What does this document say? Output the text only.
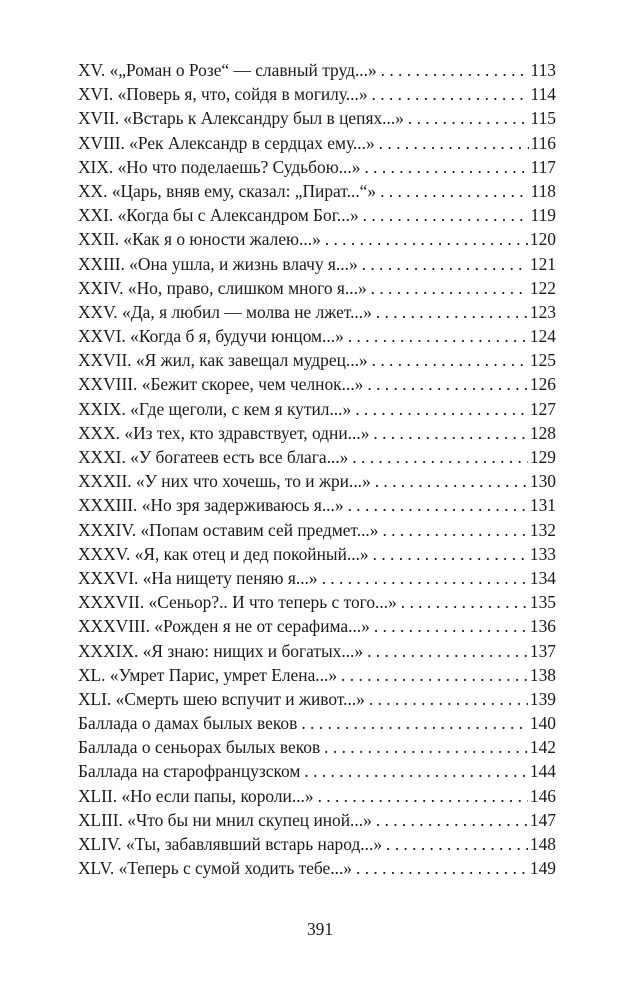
XV. «„Роман о Розе“ — славный труд...» . . .	113
XVI. «Поверь я, что, сойдя в могилу...» . . .	114
XVII. «Встарь к Александру был в цепях...» . . .	115
XVIII. «Рек Александр в сердцах ему...» . . .	116
XIX. «Но что поделаешь? Судьбою...» . . .	117
XX. «Царь, вняв ему, сказал: „Пират...“» . . .	118
XXI. «Когда бы с Александром Бог...» . . .	119
XXII. «Как я о юности жалею...» . . .	120
XXIII. «Она ушла, и жизнь влачу я...» . . .	121
XXIV. «Но, право, слишком много я...» . . .	122
XXV. «Да, я любил — молва не лжет...» . . .	123
XXVI. «Когда б я, будучи юнцом...» . . .	124
XXVII. «Я жил, как завещал мудрец...» . . .	125
XXVIII. «Бежит скорее, чем челнок...» . . .	126
XXIX. «Где щеголи, с кем я кутил...» . . .	127
XXX. «Из тех, кто здравствует, одни...» . . .	128
XXXI. «У богатеев есть все блага...» . . .	129
XXXII. «У них что хочешь, то и жри...» . . .	130
XXXIII. «Но зря задерживаюсь я...» . . .	131
XXXIV. «Попам оставим сей предмет...» . . .	132
XXXV. «Я, как отец и дед покойный...» . . .	133
XXXVI. «На нищету пеняю я...» . . .	134
XXXVII. «Сеньор?.. И что теперь с того...» . . .	135
XXXVIII. «Рожден я не от серафима...» . . .	136
XXXIX. «Я знаю: нищих и богатых...» . . .	137
XL. «Умрет Парис, умрет Елена...» . . .	138
XLI. «Смерть шею вспучит и живот...» . . .	139
Баллада о дамах былых веков . . .	140
Баллада о сеньорах былых веков . . .	142
Баллада на старофранцузском . . .	144
XLII. «Но если папы, короли...» . . .	146
XLIII. «Что бы ни мнил скупец иной...» . . .	147
XLIV. «Ты, забавлявший встарь народ...» . . .	148
XLV. «Теперь с сумой ходить тебе...» . . .	149
391
